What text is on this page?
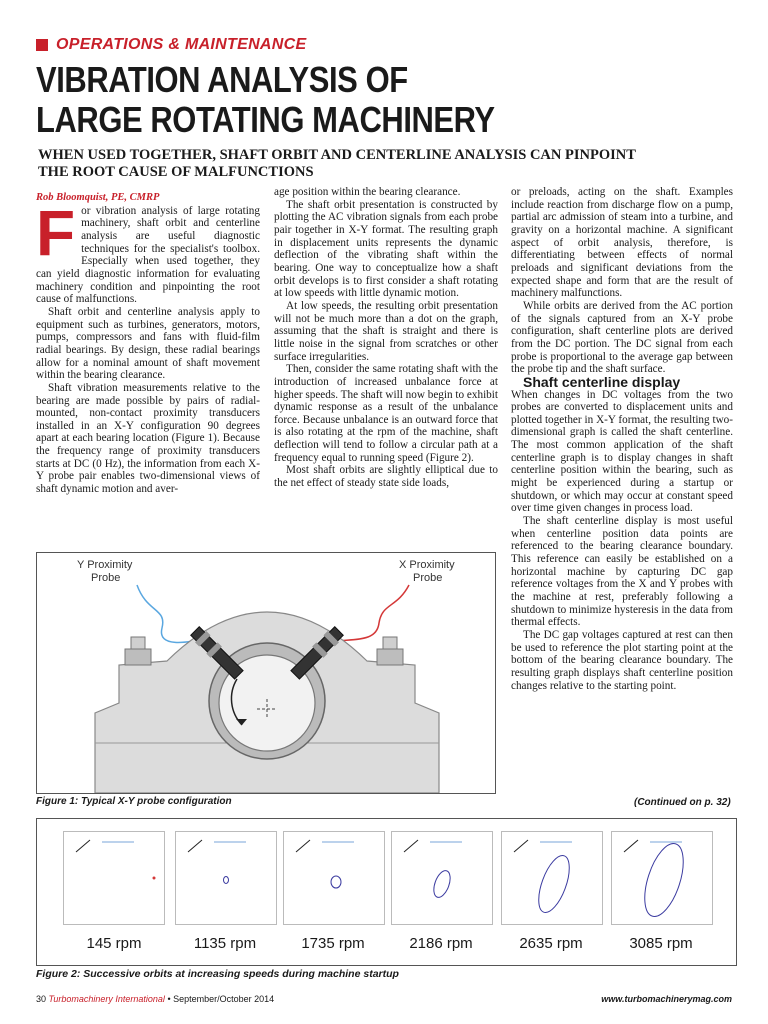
OPERATIONS & MAINTENANCE
VIBRATION ANALYSIS OF LARGE ROTATING MACHINERY
WHEN USED TOGETHER, SHAFT ORBIT AND CENTERLINE ANALYSIS CAN PINPOINT THE ROOT CAUSE OF MALFUNCTIONS

Rob Bloomquist, PE, CMRP

F or vibration analysis of large rotating machinery, shaft orbit and centerline analysis are useful diagnostic techniques for the specialist's toolbox. Especially when used together, they can yield diagnostic information for evaluating machinery condition and pinpointing the root cause of malfunctions.

Shaft orbit and centerline analysis apply to equipment such as turbines, generators, motors, pumps, compressors and fans with fluid-film radial bearings. By design, these radial bearings allow for a nominal amount of shaft movement within the bearing clearance.

Shaft vibration measurements relative to the bearing are made possible by pairs of radial-mounted, non-contact proximity transducers installed in an X-Y configuration 90 degrees apart at each bearing location (Figure 1). Because the frequency range of proximity transducers starts at DC (0 Hz), the information from each X-Y probe pair enables two-dimensional views of shaft dynamic motion and aver-

age position within the bearing clearance.

The shaft orbit presentation is constructed by plotting the AC vibration signals from each probe pair together in X-Y format. The resulting graph in displacement units represents the dynamic deflection of the vibrating shaft within the bearing. One way to conceptualize how a shaft orbit develops is to first consider a shaft rotating at low speeds with little dynamic motion.

At low speeds, the resulting orbit presentation will not be much more than a dot on the graph, assuming that the shaft is straight and there is little noise in the signal from scratches or other surface irregularities.

Then, consider the same rotating shaft with the introduction of increased unbalance force at higher speeds. The shaft will now begin to exhibit dynamic response as a result of the unbalance force. Because unbalance is an outward force that is also rotating at the rpm of the machine, shaft deflection will tend to follow a circular path at a frequency equal to running speed (Figure 2).

Most shaft orbits are slightly elliptical due to the net effect of steady state side loads,

or preloads, acting on the shaft. Examples include reaction from discharge flow on a pump, partial arc admission of steam into a turbine, and gravity on a horizontal machine. A significant aspect of orbit analysis, therefore, is differentiating between effects of normal preloads and significant deviations from the expected shape and form that are the result of machinery malfunctions.

While orbits are derived from the AC portion of the signals captured from an X-Y probe configuration, shaft centerline plots are derived from the DC portion. The DC signal from each probe is proportional to the average gap between the probe tip and the shaft surface.

Shaft centerline display

When changes in DC voltages from the two probes are converted to displacement units and plotted together in X-Y format, the resulting two-dimensional graph is called the shaft centerline. The most common application of the shaft centerline graph is to display changes in shaft centerline position within the bearing, such as might be experienced during a startup or shutdown, or which may occur at constant speed over time given changes in process load.

The shaft centerline display is most useful when centerline position data points are referenced to the bearing clearance boundary. This reference can easily be established on a horizontal machine by capturing DC gap reference voltages from the X and Y probes with the machine at rest, preferably following a shutdown to minimize hysteresis in the data from thermal effects.

The DC gap voltages captured at rest can then be used to reference the plot starting point at the bottom of the bearing clearance boundary. The resulting graph displays shaft centerline position changes relative to the starting point.

Y Proximity
Probe
X Proximity
Probe
Figure 1: Typical X-Y probe configuration	(Continued on p. 32)
145 rpm	1135 rpm	1735 rpm	2186 rpm	2635 rpm	3085 rpm
Figure 2: Successive orbits at increasing speeds during machine startup
30 Turbomachinery International • September/October 2014	www.turbomachinerymag.com
